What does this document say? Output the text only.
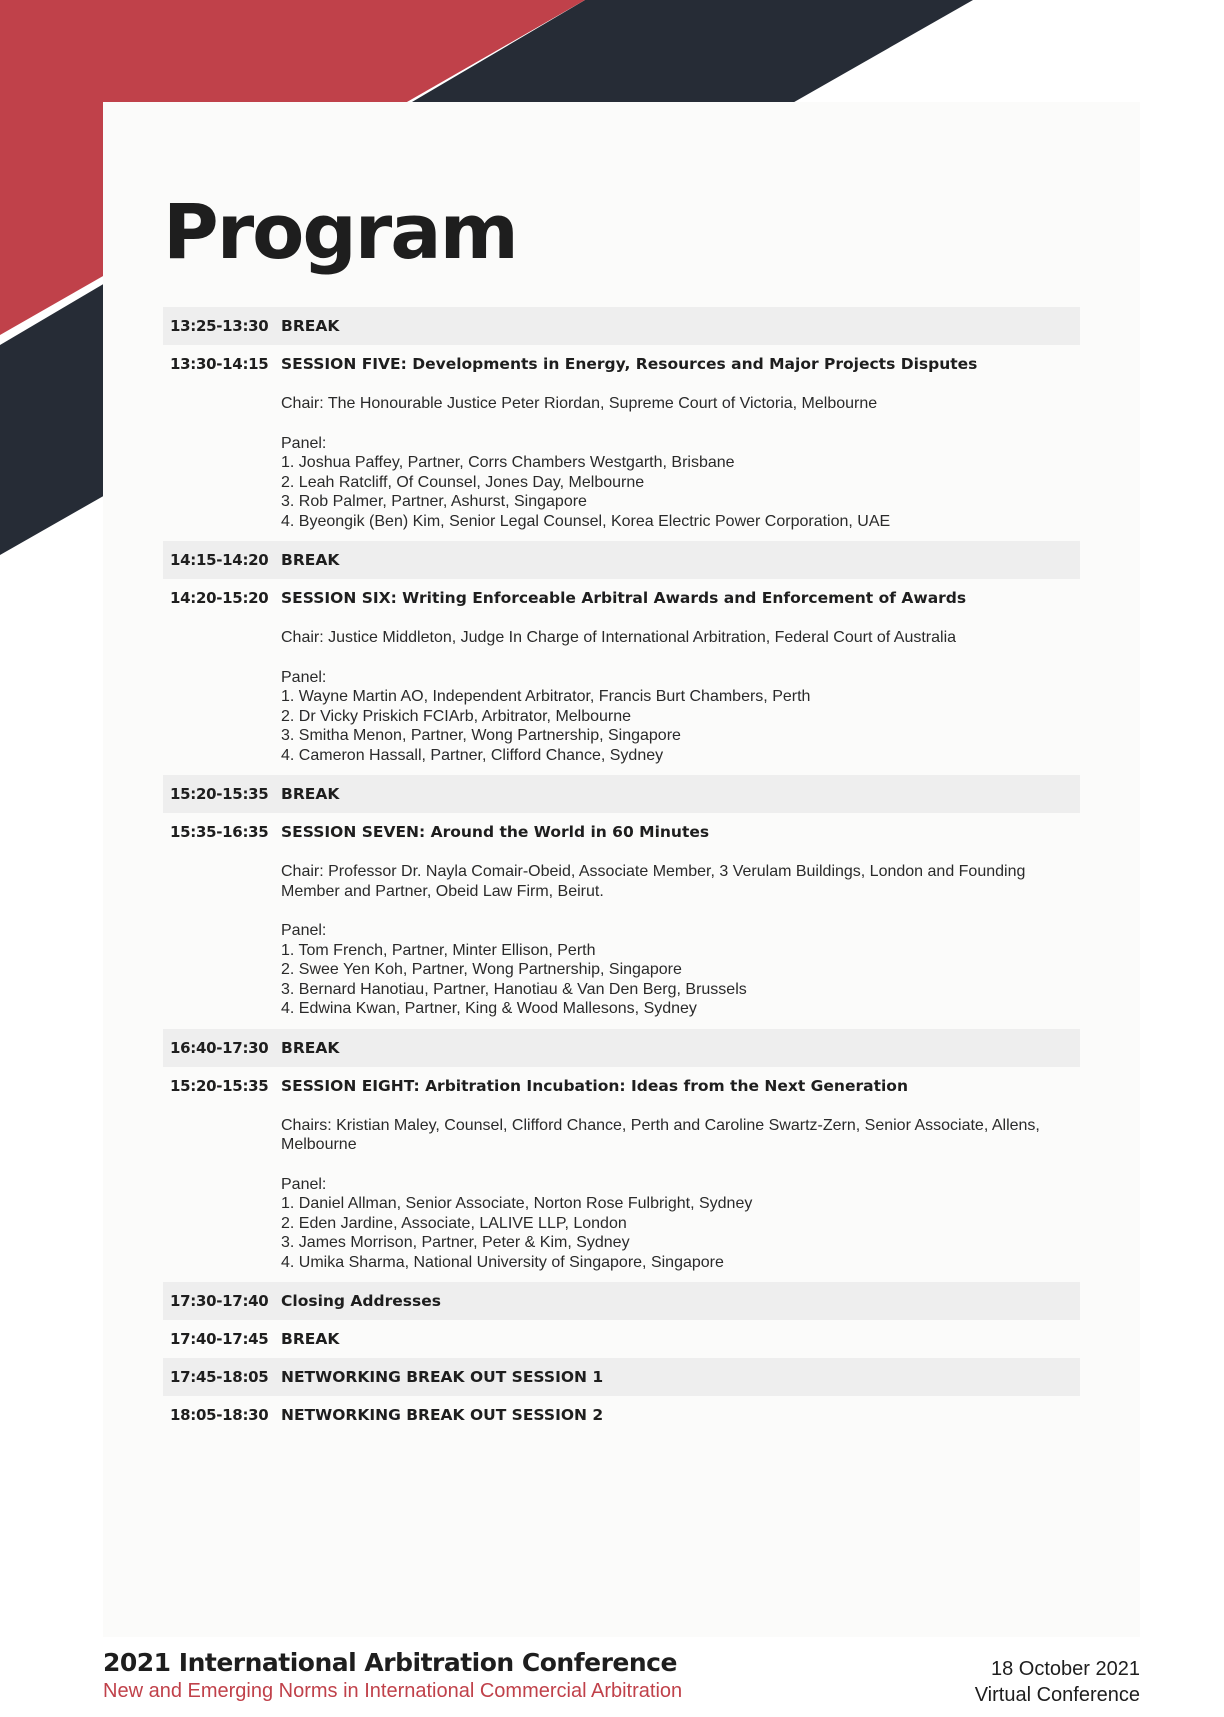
Program
13:25-13:30 BREAK
13:30-14:15 SESSION FIVE: Developments in Energy, Resources and Major Projects Disputes
Chair: The Honourable Justice Peter Riordan, Supreme Court of Victoria, Melbourne
Panel:
1. Joshua Paffey, Partner, Corrs Chambers Westgarth, Brisbane
2. Leah Ratcliff, Of Counsel, Jones Day, Melbourne
3. Rob Palmer, Partner, Ashurst, Singapore
4. Byeongik (Ben) Kim, Senior Legal Counsel, Korea Electric Power Corporation, UAE
14:15-14:20 BREAK
14:20-15:20 SESSION SIX: Writing Enforceable Arbitral Awards and Enforcement of Awards
Chair: Justice Middleton, Judge In Charge of International Arbitration, Federal Court of Australia
Panel:
1. Wayne Martin AO, Independent Arbitrator, Francis Burt Chambers, Perth
2. Dr Vicky Priskich FCIArb, Arbitrator, Melbourne
3. Smitha Menon, Partner, Wong Partnership, Singapore
4. Cameron Hassall, Partner, Clifford Chance, Sydney
15:20-15:35 BREAK
15:35-16:35 SESSION SEVEN: Around the World in 60 Minutes
Chair: Professor Dr. Nayla Comair-Obeid, Associate Member, 3 Verulam Buildings, London and Founding Member and Partner, Obeid Law Firm, Beirut.
Panel:
1. Tom French, Partner, Minter Ellison, Perth
2. Swee Yen Koh, Partner, Wong Partnership, Singapore
3. Bernard Hanotiau, Partner, Hanotiau & Van Den Berg, Brussels
4. Edwina Kwan, Partner, King & Wood Mallesons, Sydney
16:40-17:30 BREAK
15:20-15:35 SESSION EIGHT: Arbitration Incubation: Ideas from the Next Generation
Chairs: Kristian Maley, Counsel, Clifford Chance, Perth and Caroline Swartz-Zern, Senior Associate, Allens, Melbourne
Panel:
1. Daniel Allman, Senior Associate, Norton Rose Fulbright, Sydney
2. Eden Jardine, Associate, LALIVE LLP, London
3. James Morrison, Partner, Peter & Kim, Sydney
4. Umika Sharma, National University of Singapore, Singapore
17:30-17:40 Closing Addresses
17:40-17:45 BREAK
17:45-18:05 NETWORKING BREAK OUT SESSION 1
18:05-18:30 NETWORKING BREAK OUT SESSION 2
2021 International Arbitration Conference
New and Emerging Norms in International Commercial Arbitration
18 October 2021
Virtual Conference
